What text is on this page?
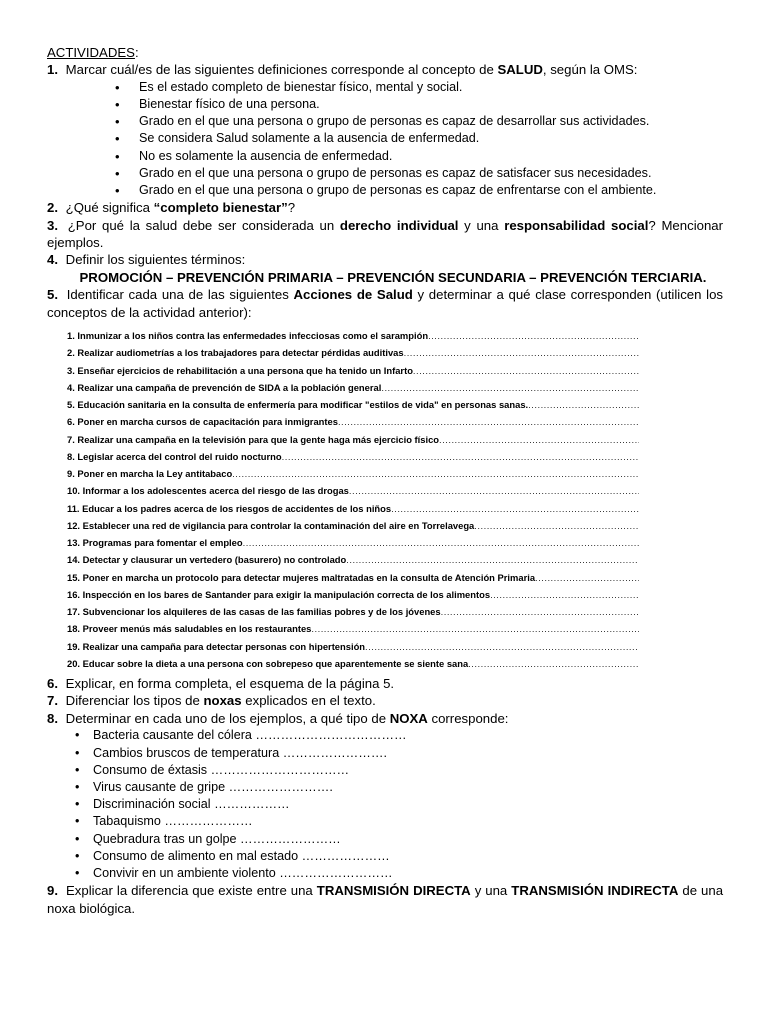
ACTIVIDADES:

1. Marcar cuál/es de las siguientes definiciones corresponde al concepto de SALUD, según la OMS:

• Es el estado completo de bienestar físico, mental y social.
• Bienestar físico de una persona.
• Grado en el que una persona o grupo de personas es capaz de desarrollar sus actividades.
• Se considera Salud solamente a la ausencia de enfermedad.
• No es solamente la ausencia de enfermedad.
• Grado en el que una persona o grupo de personas es capaz de satisfacer sus necesidades.
• Grado en el que una persona o grupo de personas es capaz de enfrentarse con el ambiente.

2. ¿Qué significa “completo bienestar”?

3. ¿Por qué la salud debe ser considerada un derecho individual y una responsabilidad social? Mencionar ejemplos.

4. Definir los siguientes términos:

PROMOCIÓN – PREVENCIÓN PRIMARIA – PREVENCIÓN SECUNDARIA – PREVENCIÓN TERCIARIA.

5. Identificar cada una de las siguientes Acciones de Salud y determinar a qué clase corresponden (utilicen los conceptos de la actividad anterior):

1. Inmunizar a los niños contra las enfermedades infecciosas como el sarampión
.....
2. Realizar audiometrías a los trabajadores para detectar pérdidas auditivas
.....
3. Enseñar ejercicios de rehabilitación a una persona que ha tenido un Infarto
.....
4. Realizar una campaña de prevención de SIDA a la población general
.....
5. Educación sanitaria en la consulta de enfermería para modificar "estilos de vida" en personas sanas.
.....
6. Poner en marcha cursos de capacitación para inmigrantes
.....
7. Realizar una campaña en la televisión para que la gente haga más ejercicio físico
.....
8. Legislar acerca del control del ruido nocturno
.....
9. Poner en marcha la Ley antitabaco
.....
10. Informar a los adolescentes acerca del riesgo de las drogas
.....
11. Educar a los padres acerca de los riesgos de accidentes de los niños
.....
12. Establecer una red de vigilancia para controlar la contaminación del aire en Torrelavega
.....
13. Programas para fomentar el empleo
.....
14. Detectar y clausurar un vertedero (basurero) no controlado
.....
15. Poner en marcha un protocolo para detectar mujeres maltratadas en la consulta de Atención Primaria
.....
16. Inspección en los bares de Santander para exigir la manipulación correcta de los alimentos
.....
17. Subvencionar los alquileres de las casas de las familias pobres y de los jóvenes
.....
18. Proveer menús más saludables en los restaurantes
.....
19. Realizar una campaña para detectar personas con hipertensión
.....
20. Educar sobre la dieta a una persona con sobrepeso que aparentemente se siente sana
.....

6. Explicar, en forma completa, el esquema de la página 5.

7. Diferenciar los tipos de noxas explicados en el texto.

8. Determinar en cada uno de los ejemplos, a qué tipo de NOXA corresponde:

• Bacteria causante del cólera ………………………………
• Cambios bruscos de temperatura …………………….
• Consumo de éxtasis ……………………………
• Virus causante de gripe …………………….
• Discriminación social ………………
• Tabaquismo …………………
• Quebradura tras un golpe ……………………
• Consumo de alimento en mal estado …………………
• Convivir en un ambiente violento ………………………

9. Explicar la diferencia que existe entre una TRANSMISIÓN DIRECTA y una TRANSMISIÓN INDIRECTA de una noxa biológica.
